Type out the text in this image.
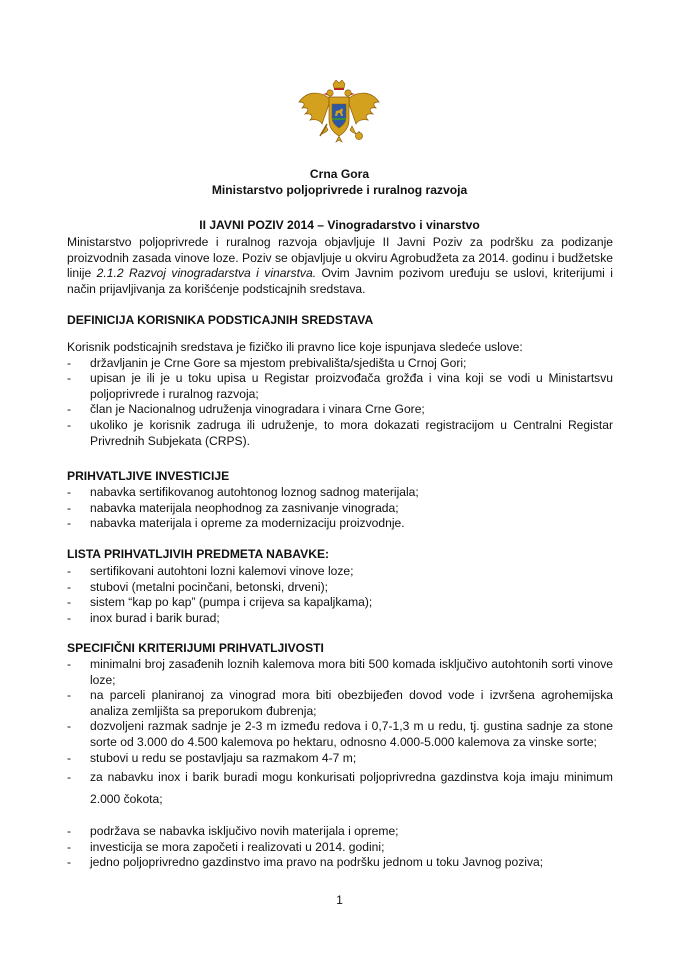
Crna Gora
Ministarstvo poljoprivrede i ruralnog razvoja
II JAVNI POZIV 2014 – Vinogradarstvo i vinarstvo

Ministarstvo poljoprivrede i ruralnog razvoja objavljuje II Javni Poziv za podršku za podizanje proizvodnih zasada vinove loze. Poziv se objavljuje u okviru Agrobudžeta za 2014. godinu i budžetske linije 2.1.2 Razvoj vinogradarstva i vinarstva. Ovim Javnim pozivom uređuju se uslovi, kriterijumi i način prijavljivanja za korišćenje podsticajnih sredstava.

DEFINICIJA KORISNIKA PODSTICAJNIH SREDSTAVA

Korisnik podsticajnih sredstava je fizičko ili pravno lice koje ispunjava sledeće uslove:

- državljanin je Crne Gore sa mjestom prebivališta/sjedišta u Crnoj Gori;
- upisan je ili je u toku upisa u Registar proizvođača grožđa i vina koji se vodi u Ministartsvu poljoprivrede i ruralnog razvoja;
- član je Nacionalnog udruženja vinogradara i vinara Crne Gore;
- ukoliko je korisnik zadruga ili udruženje, to mora dokazati registracijom u Centralni Registar Privrednih Subjekata (CRPS).
PRIHVATLJIVE INVESTICIJE
- nabavka sertifikovanog autohtonog loznog sadnog materijala;
- nabavka materijala neophodnog za zasnivanje vinograda;
- nabavka materijala i opreme za modernizaciju proizvodnje.
LISTA PRIHVATLJIVIH PREDMETA NABAVKE:
- sertifikovani autohtoni lozni kalemovi vinove loze;
- stubovi (metalni pocinčani, betonski, drveni);
- sistem “kap po kap” (pumpa i crijeva sa kapaljkama);
- inox burad i barik burad;
SPECIFIČNI KRITERIJUMI PRIHVATLJIVOSTI
- minimalni broj zasađenih loznih kalemova mora biti 500 komada isključivo autohtonih sorti vinove loze;
- na parceli planiranoj za vinograd mora biti obezbijeđen dovod vode i izvršena agrohemijska analiza zemljišta sa preporukom đubrenja;
- dozvoljeni razmak sadnje je 2-3 m između redova i 0,7-1,3 m u redu, tj. gustina sadnje za stone sorte od 3.000 do 4.500 kalemova po hektaru, odnosno 4.000-5.000 kalemova za vinske sorte;
- stubovi u redu se postavljaju sa razmakom 4-7 m;
- za nabavku inox i barik buradi mogu konkurisati poljoprivredna gazdinstva koja imaju minimum 2.000 čokota;
- podržava se nabavka isključivo novih materijala i opreme;
- investicija se mora započeti i realizovati u 2014. godini;
- jedno poljoprivredno gazdinstvo ima pravo na podršku jednom u toku Javnog poziva;
1
